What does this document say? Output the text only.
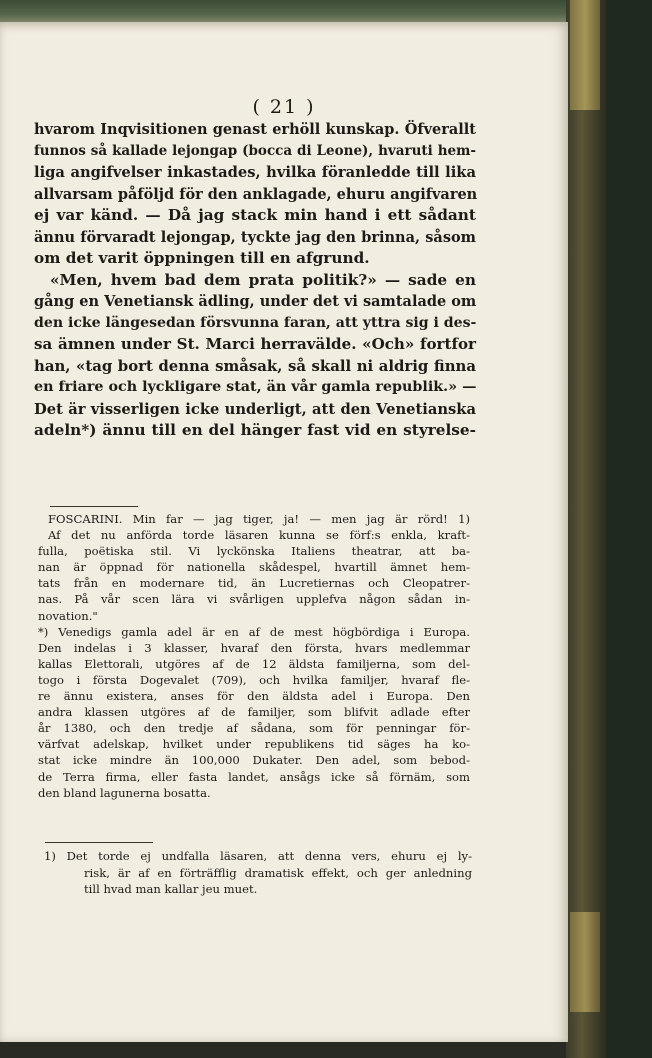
( 21 )
hvarom Inqvisitionen genast erhöll kunskap. Öfverallt
funnos så kallade lejongap (bocca di Leone), hvaruti hem-
liga angifvelser inkastades, hvilka föranledde till lika
allvarsam påföljd för den anklagade, ehuru angifvaren
ej var känd. — Då jag stack min hand i ett sådant
ännu förvaradt lejongap, tyckte jag den brinna, såsom
om det varit öppningen till en afgrund.
«Men, hvem bad dem prata politik?» — sade en
gång en Venetiansk ädling, under det vi samtalade om
den icke längesedan försvunna faran, att yttra sig i des-
sa ämnen under St. Marci herravälde. «Och» fortfor
han, «tag bort denna småsak, så skall ni aldrig finna
en friare och lyckligare stat, än vår gamla republik.» —
Det är visserligen icke underligt, att den Venetianska
adeln*) ännu till en del hänger fast vid en styrelse-
FOSCARINI. Min far — jag tiger, ja! — men jag är rörd! 1)
Af det nu anförda torde läsaren kunna se förf:s enkla, kraft-
fulla, poëtiska stil. Vi lyckönska Italiens theatrar, att ba-
nan är öppnad för nationella skådespel, hvartill ämnet hem-
tats från en modernare tid, än Lucretiernas och Cleopatrer-
nas. På vår scen lära vi svårligen upplefva någon sådan in-
novation."
*) Venedigs gamla adel är en af de mest högbördiga i Europa.
Den indelas i 3 klasser, hvaraf den första, hvars medlemmar
kallas Elettorali, utgöres af de 12 äldsta familjerna, som del-
togo i första Dogevalet (709), och hvilka familjer, hvaraf fle-
re ännu existera, anses för den äldsta adel i Europa. Den
andra klassen utgöres af de familjer, som blifvit adlade efter
år 1380, och den tredje af sådana, som för penningar för-
värfvat adelskap, hvilket under republikens tid säges ha ko-
stat icke mindre än 100,000 Dukater. Den adel, som bebod-
de Terra firma, eller fasta landet, ansågs icke så förnäm, som
den bland lagunerna bosatta.
1) Det torde ej undfalla läsaren, att denna vers, ehuru ej ly-
risk, är af en förträfflig dramatisk effekt, och ger anledning
till hvad man kallar jeu muet.
